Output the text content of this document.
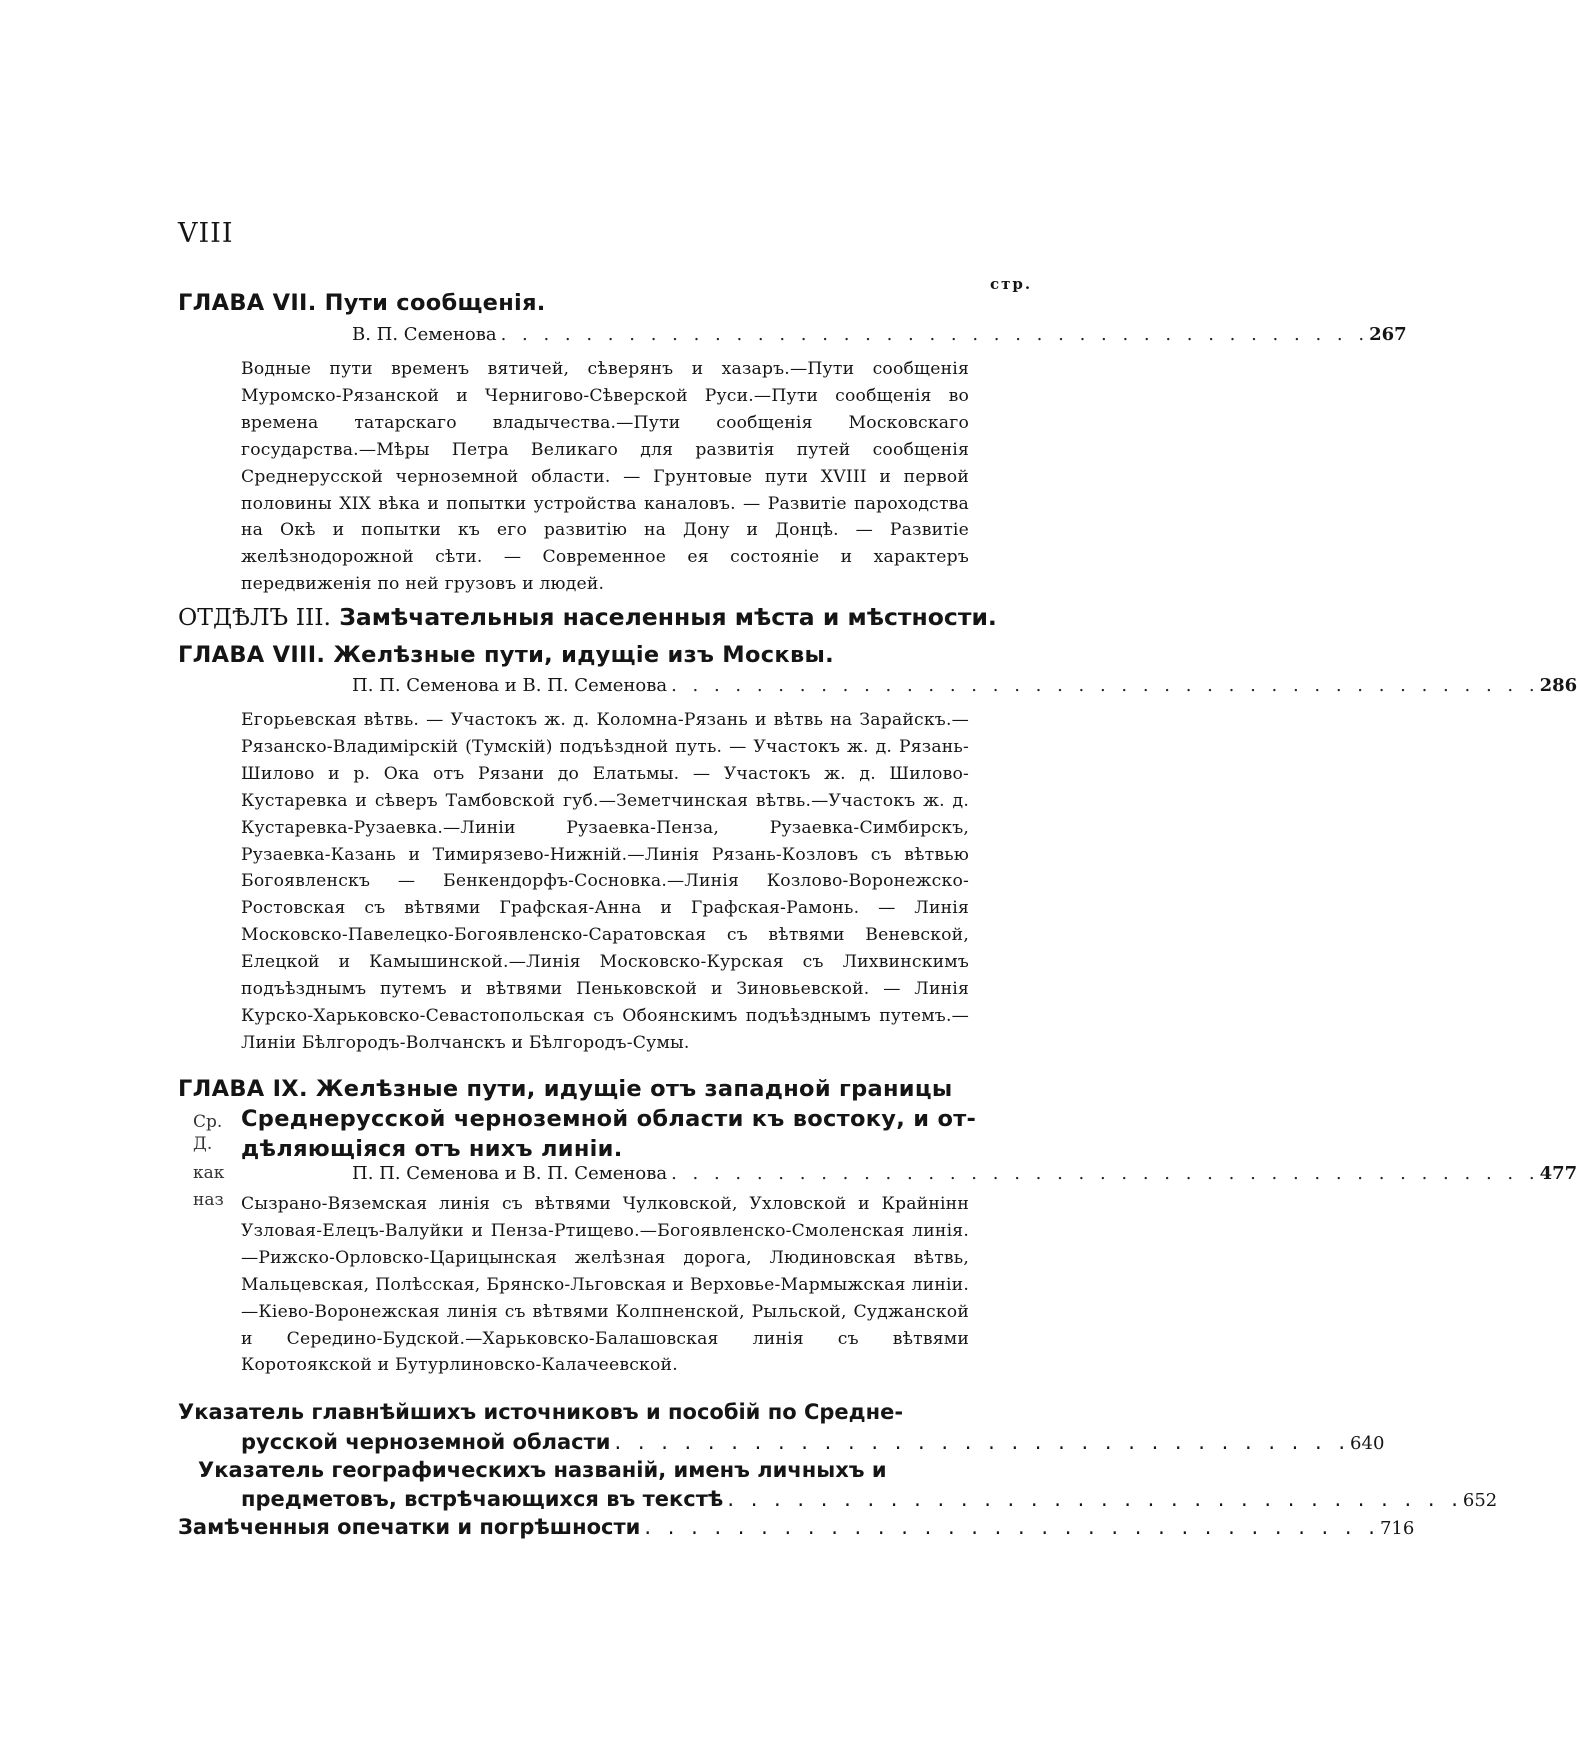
VIII
стр.
ГЛАВА VII. Пути сообщенія.
В. П. Семенова . . . . . . . . . . . . . . . . . . . . . . . . . . . . . . . . . . . . . . . . . 267
Водные пути временъ вятичей, сѣверянъ и хазаръ.—Пути сообщенія Муромско-Рязанской и Черниговo-Сѣверской Руси.—Пути сообщенія во времена татарскаго владычества.—Пути сообщенія Московскаго государства.—Мѣры Петра Великаго для развитія путей сообщенія Среднерусской черноземной области. — Грунтовые пути XVIII и первой половины XIX вѣка и попытки устройства каналовъ. — Развитіе пароходства на Окѣ и попытки къ его развитію на Дону и Донцѣ. — Развитіе желѣзнодорожной сѣти. — Современное ея состояніе и характеръ передвиженія по ней грузовъ и людей.
ОТДѢЛЪ III. Замѣчательныя населенныя мѣста и мѣстности.
ГЛАВА VIII. Желѣзные пути, идущіе изъ Москвы.
П. П. Семенова и В. П. Семенова . . . . . . . . . . . . . . . . . . . . . . . . . . . . . . . . . . . . . . . . . 286
Егорьевская вѣтвь. — Участокъ ж. д. Коломна-Рязань и вѣтвь на Зарайскъ.—Рязанско-Владимірскій (Тумскій) подъѣздной путь. — Участокъ ж. д. Рязань-Шилово и р. Ока отъ Рязани до Елатьмы. — Участокъ ж. д. Шилово-Кустаревка и сѣверъ Тамбовской губ.—Земетчинская вѣтвь.—Участокъ ж. д. Кустаревка-Рузаевка.—Линіи Рузаевка-Пенза, Рузаевка-Симбирскъ, Рузаевка-Казань и Тимирязево-Нижній.—Линія Рязань-Козловъ съ вѣтвью Богоявленскъ — Бенкендорфъ-Сосновка.—Линія Козлово-Воронежско-Ростовская съ вѣтвями Графская-Анна и Графская-Рамонь. — Линія Московско-Павелецко-Богоявленско-Саратовская съ вѣтвями Веневской, Елецкой и Камышинской.—Линія Московско-Курская съ Лихвинскимъ подъѣзднымъ путемъ и вѣтвями Пеньковской и Зиновьевской. — Линія Курско-Харьковско-Севастопольская съ Обоянскимъ подъѣзднымъ путемъ.—Линіи Бѣлгородъ-Волчанскъ и Бѣлгородъ-Сумы.
ГЛАВА IX. Желѣзные пути, идущіе отъ западной границы
Среднерусской черноземной области къ востоку, и от-
дѣляющіяся отъ нихъ линіи.
Ср.
Д.
как
наз
П. П. Семенова и В. П. Семенова . . . . . . . . . . . . . . . . . . . . . . . . . . . . . . . . . . . . . . . . . 477
Сызрано-Вяземская линія съ вѣтвями Чулковской, Ухловской и Крайнінн Узловая-Елецъ-Валуйки и Пенза-Ртищево.—Богоявленско-Смоленская линія.—Рижско-Орловско-Царицынская желѣзная дорога, Людиновская вѣтвь, Мальцевская, Полѣсская, Брянско-Льговская и Верховье-Мармыжская линіи.—Кіево-Воронежская линія съ вѣтвями Колпненской, Рыльской, Суджанской и Середино-Будской.—Харьковско-Балашовская линія съ вѣтвями Коротоякской и Бутурлиновско-Калачеевской.
Указатель главнѣйшихъ источниковъ и пособій по Средне-
русской черноземной области . . . . . . . . . . . . . . . . . . . . . . . . . . . . . . . . 640
Указатель географическихъ названій, именъ личныхъ и
предметовъ, встрѣчающихся въ текстѣ . . . . . . . . . . . . . . . . . . . . . . . . . . . . . . . . 652
Замѣченныя опечатки и погрѣшности . . . . . . . . . . . . . . . . . . . . . . . . . . . . . . . . 716
